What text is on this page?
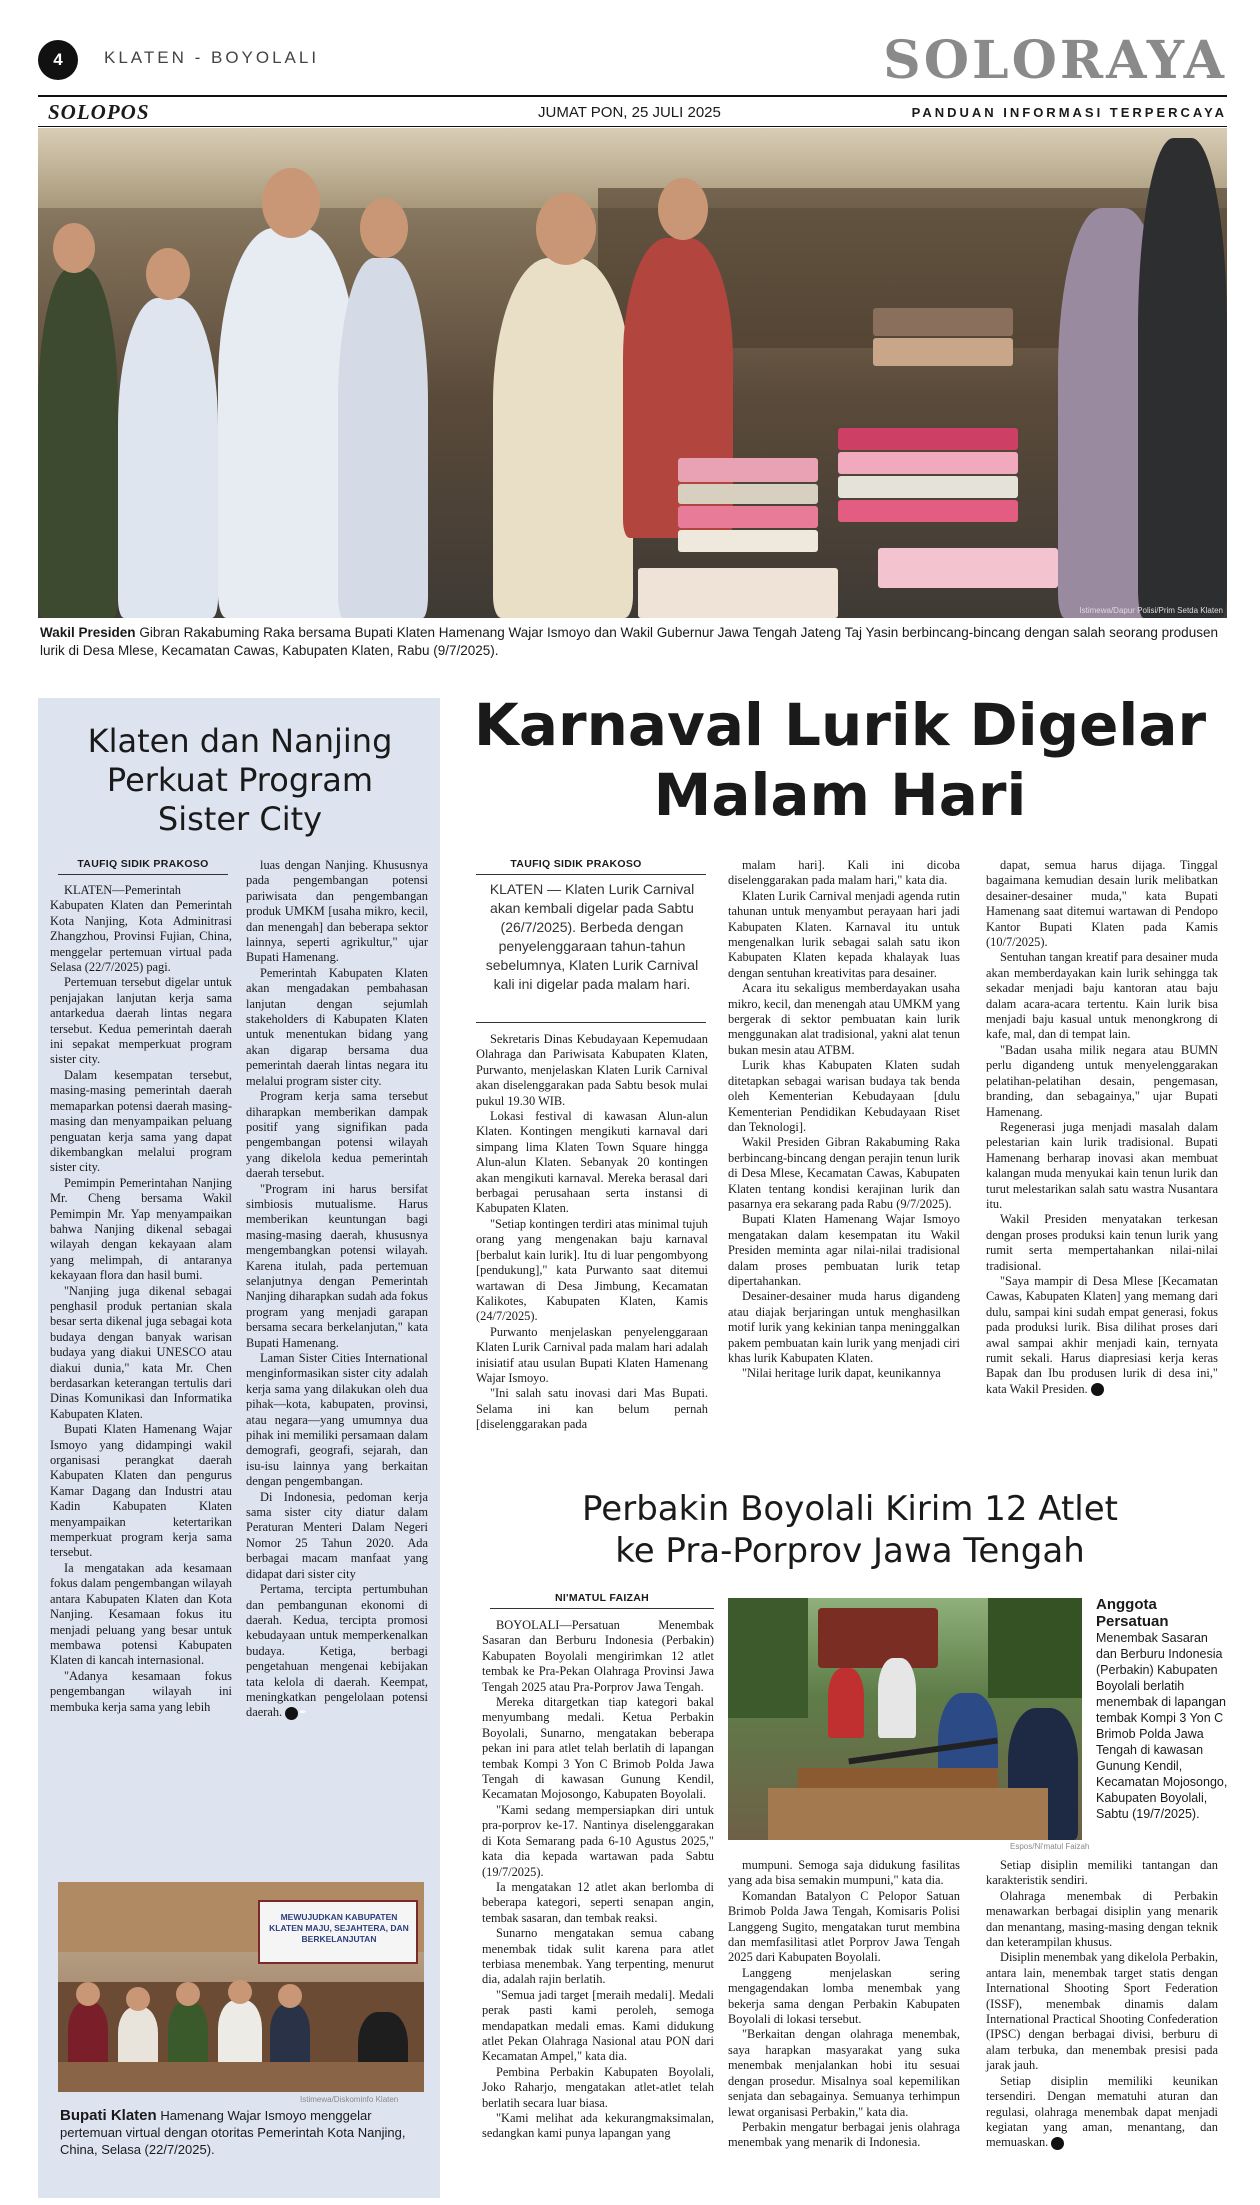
4	KLATEN - BOYOLALI	SOLORAYA
SOLOPOS	JUMAT PON, 25 JULI 2025	PANDUAN INFORMASI TERPERCAYA
Istimewa/Dapur Polisi/Prim Setda Klaten
Wakil Presiden Gibran Rakabuming Raka bersama Bupati Klaten Hamenang Wajar Ismoyo dan Wakil Gubernur Jawa Tengah Jateng Taj Yasin berbincang-bincang dengan salah seorang produsen lurik di Desa Mlese, Kecamatan Cawas, Kabupaten Klaten, Rabu (9/7/2025).
Klaten dan Nanjing Perkuat Program Sister City
TAUFIQ SIDIK PRAKOSO

KLATEN—Pemerintah Kabupaten Klaten dan Pemerintah Kota Nanjing, Kota Adminitrasi Zhangzhou, Provinsi Fujian, China, menggelar pertemuan virtual pada Selasa (22/7/2025) pagi.

Pertemuan tersebut digelar untuk penjajakan lanjutan kerja sama antarkedua daerah lintas negara tersebut. Kedua pemerintah daerah ini sepakat memperkuat program sister city.

Dalam kesempatan tersebut, masing-masing pemerintah daerah memaparkan potensi daerah masing-masing dan menyampaikan peluang penguatan kerja sama yang dapat dikembangkan melalui program sister city.

Pemimpin Pemerintahan Nanjing Mr. Cheng bersama Wakil Pemimpin Mr. Yap menyampaikan bahwa Nanjing dikenal sebagai wilayah dengan kekayaan alam yang melimpah, di antaranya kekayaan flora dan hasil bumi.

"Nanjing juga dikenal sebagai penghasil produk pertanian skala besar serta dikenal juga sebagai kota budaya dengan banyak warisan budaya yang diakui UNESCO atau diakui dunia," kata Mr. Chen berdasarkan keterangan tertulis dari Dinas Komunikasi dan Informatika Kabupaten Klaten.

Bupati Klaten Hamenang Wajar Ismoyo yang didampingi wakil organisasi perangkat daerah Kabupaten Klaten dan pengurus Kamar Dagang dan Industri atau Kadin Kabupaten Klaten menyampaikan ketertarikan memperkuat program kerja sama tersebut.

Ia mengatakan ada kesamaan fokus dalam pengembangan wilayah antara Kabupaten Klaten dan Kota Nanjing. Kesamaan fokus itu menjadi peluang yang besar untuk membawa potensi Kabupaten Klaten di kancah internasional.

"Adanya kesamaan fokus pengembangan wilayah ini membuka kerja sama yang lebih

luas dengan Nanjing. Khususnya pada pengembangan potensi pariwisata dan pengembangan produk UMKM [usaha mikro, kecil, dan menengah] dan beberapa sektor lainnya, seperti agrikultur," ujar Bupati Hamenang.

Pemerintah Kabupaten Klaten akan mengadakan pembahasan lanjutan dengan sejumlah stakeholders di Kabupaten Klaten untuk menentukan bidang yang akan digarap bersama dua pemerintah daerah lintas negara itu melalui program sister city.

Program kerja sama tersebut diharapkan memberikan dampak positif yang signifikan pada pengembangan potensi wilayah yang dikelola kedua pemerintah daerah tersebut.

"Program ini harus bersifat simbiosis mutualisme. Harus memberikan keuntungan bagi masing-masing daerah, khususnya mengembangkan potensi wilayah. Karena itulah, pada pertemuan selanjutnya dengan Pemerintah Nanjing diharapkan sudah ada fokus program yang menjadi garapan bersama secara berkelanjutan," kata Bupati Hamenang.

Laman Sister Cities International menginformasikan sister city adalah kerja sama yang dilakukan oleh dua pihak—kota, kabupaten, provinsi, atau negara—yang umumnya dua pihak ini memiliki persamaan dalam demografi, geografi, sejarah, dan isu-isu lainnya yang berkaitan dengan pengembangan.

Di Indonesia, pedoman kerja sama sister city diatur dalam Peraturan Menteri Dalam Negeri Nomor 25 Tahun 2020. Ada berbagai macam manfaat yang didapat dari sister city

Pertama, tercipta pertumbuhan dan pembangunan ekonomi di daerah. Kedua, tercipta promosi kebudayaan untuk memperkenalkan budaya. Ketiga, berbagi pengetahuan mengenai kebijakan tata kelola di daerah. Keempat, meningkatkan pengelolaan potensi daerah. ✒

MEWUJUDKAN KABUPATEN KLATEN MAJU, SEJAHTERA, DAN BERKELANJUTAN
Istimewa/Diskominfo Klaten
Bupati Klaten Hamenang Wajar Ismoyo menggelar pertemuan virtual dengan otoritas Pemerintah Kota Nanjing, China, Selasa (22/7/2025).
Karnaval Lurik Digelar Malam Hari
TAUFIQ SIDIK PRAKOSO
KLATEN — Klaten Lurik Carnival akan kembali digelar pada Sabtu (26/7/2025). Berbeda dengan penyelenggaraan tahun-tahun sebelumnya, Klaten Lurik Carnival kali ini digelar pada malam hari.

Sekretaris Dinas Kebudayaan Kepemudaan Olahraga dan Pariwisata Kabupaten Klaten, Purwanto, menjelaskan Klaten Lurik Carnival akan diselenggarakan pada Sabtu besok mulai pukul 19.30 WIB.

Lokasi festival di kawasan Alun-alun Klaten. Kontingen mengikuti karnaval dari simpang lima Klaten Town Square hingga Alun-alun Klaten. Sebanyak 20 kontingen akan mengikuti karnaval. Mereka berasal dari berbagai perusahaan serta instansi di Kabupaten Klaten.

"Setiap kontingen terdiri atas minimal tujuh orang yang mengenakan baju karnaval [berbalut kain lurik]. Itu di luar pengombyong [pendukung]," kata Purwanto saat ditemui wartawan di Desa Jimbung, Kecamatan Kalikotes, Kabupaten Klaten, Kamis (24/7/2025).

Purwanto menjelaskan penyelenggaraan Klaten Lurik Carnival pada malam hari adalah inisiatif atau usulan Bupati Klaten Hamenang Wajar Ismoyo.

"Ini salah satu inovasi dari Mas Bupati. Selama ini kan belum pernah [diselenggarakan pada

malam hari]. Kali ini dicoba diselenggarakan pada malam hari," kata dia.

Klaten Lurik Carnival menjadi agenda rutin tahunan untuk menyambut perayaan hari jadi Kabupaten Klaten. Karnaval itu untuk mengenalkan lurik sebagai salah satu ikon Kabupaten Klaten kepada khalayak luas dengan sentuhan kreativitas para desainer.

Acara itu sekaligus memberdayakan usaha mikro, kecil, dan menengah atau UMKM yang bergerak di sektor pembuatan kain lurik menggunakan alat tradisional, yakni alat tenun bukan mesin atau ATBM.

Lurik khas Kabupaten Klaten sudah ditetapkan sebagai warisan budaya tak benda oleh Kementerian Kebudayaan [dulu Kementerian Pendidikan Kebudayaan Riset dan Teknologi].

Wakil Presiden Gibran Rakabuming Raka berbincang-bincang dengan perajin tenun lurik di Desa Mlese, Kecamatan Cawas, Kabupaten Klaten tentang kondisi kerajinan lurik dan pasarnya era sekarang pada Rabu (9/7/2025).

Bupati Klaten Hamenang Wajar Ismoyo mengatakan dalam kesempatan itu Wakil Presiden meminta agar nilai-nilai tradisional dalam proses pembuatan lurik tetap dipertahankan.

Desainer-desainer muda harus digandeng atau diajak berjaringan untuk menghasilkan motif lurik yang kekinian tanpa meninggalkan pakem pembuatan kain lurik yang menjadi ciri khas lurik Kabupaten Klaten.

"Nilai heritage lurik dapat, keunikannya

dapat, semua harus dijaga. Tinggal bagaimana kemudian desain lurik melibatkan desainer-desainer muda," kata Bupati Hamenang saat ditemui wartawan di Pendopo Kantor Bupati Klaten pada Kamis (10/7/2025).

Sentuhan tangan kreatif para desainer muda akan memberdayakan kain lurik sehingga tak sekadar menjadi baju kantoran atau baju dalam acara-acara tertentu. Kain lurik bisa menjadi baju kasual untuk menongkrong di kafe, mal, dan di tempat lain.

"Badan usaha milik negara atau BUMN perlu digandeng untuk menyelenggarakan pelatihan-pelatihan desain, pengemasan, branding, dan sebagainya," ujar Bupati Hamenang.

Regenerasi juga menjadi masalah dalam pelestarian kain lurik tradisional. Bupati Hamenang berharap inovasi akan membuat kalangan muda menyukai kain tenun lurik dan turut melestarikan salah satu wastra Nusantara itu.

Wakil Presiden menyatakan terkesan dengan proses produksi kain tenun lurik yang rumit serta mempertahankan nilai-nilai tradisional.

"Saya mampir di Desa Mlese [Kecamatan Cawas, Kabupaten Klaten] yang memang dari dulu, sampai kini sudah empat generasi, fokus pada produksi lurik. Bisa dilihat proses dari awal sampai akhir menjadi kain, ternyata rumit sekali. Harus diapresiasi kerja keras Bapak dan Ibu produsen lurik di desa ini," kata Wakil Presiden. ✒

Perbakin Boyolali Kirim 12 Atlet ke Pra-Porprov Jawa Tengah
NI'MATUL FAIZAH

BOYOLALI—Persatuan Menembak Sasaran dan Berburu Indonesia (Perbakin) Kabupaten Boyolali mengirimkan 12 atlet tembak ke Pra-Pekan Olahraga Provinsi Jawa Tengah 2025 atau Pra-Porprov Jawa Tengah.

Mereka ditargetkan tiap kategori bakal menyumbang medali. Ketua Perbakin Boyolali, Sunarno, mengatakan beberapa pekan ini para atlet telah berlatih di lapangan tembak Kompi 3 Yon C Brimob Polda Jawa Tengah di kawasan Gunung Kendil, Kecamatan Mojosongo, Kabupaten Boyolali.

"Kami sedang mempersiapkan diri untuk pra-porprov ke-17. Nantinya diselenggarakan di Kota Semarang pada 6-10 Agustus 2025," kata dia kepada wartawan pada Sabtu (19/7/2025).

Ia mengatakan 12 atlet akan berlomba di beberapa kategori, seperti senapan angin, tembak sasaran, dan tembak reaksi.

Sunarno mengatakan semua cabang menembak tidak sulit karena para atlet terbiasa menembak. Yang terpenting, menurut dia, adalah rajin berlatih.

"Semua jadi target [meraih medali]. Medali perak pasti kami peroleh, semoga mendapatkan medali emas. Kami didukung atlet Pekan Olahraga Nasional atau PON dari Kecamatan Ampel," kata dia.

Pembina Perbakin Kabupaten Boyolali, Joko Raharjo, mengatakan atlet-atlet telah berlatih secara luar biasa.

"Kami melihat ada kekurangmaksimalan, sedangkan kami punya lapangan yang

Espos/Ni'matul Faizah
Anggota Persatuan
Menembak Sasaran dan Berburu Indonesia (Perbakin) Kabupaten Boyolali berlatih menembak di lapangan tembak Kompi 3 Yon C Brimob Polda Jawa Tengah di kawasan Gunung Kendil, Kecamatan Mojosongo, Kabupaten Boyolali, Sabtu (19/7/2025).

mumpuni. Semoga saja didukung fasilitas yang ada bisa semakin mumpuni," kata dia.

Komandan Batalyon C Pelopor Satuan Brimob Polda Jawa Tengah, Komisaris Polisi Langgeng Sugito, mengatakan turut membina dan memfasilitasi atlet Porprov Jawa Tengah 2025 dari Kabupaten Boyolali.

Langgeng menjelaskan sering mengagendakan lomba menembak yang bekerja sama dengan Perbakin Kabupaten Boyolali di lokasi tersebut.

"Berkaitan dengan olahraga menembak, saya harapkan masyarakat yang suka menembak menjalankan hobi itu sesuai dengan prosedur. Misalnya soal kepemilikan senjata dan sebagainya. Semuanya terhimpun lewat organisasi Perbakin," kata dia.

Perbakin mengatur berbagai jenis olahraga menembak yang menarik di Indonesia.

Setiap disiplin memiliki tantangan dan karakteristik sendiri.

Olahraga menembak di Perbakin menawarkan berbagai disiplin yang menarik dan menantang, masing-masing dengan teknik dan keterampilan khusus.

Disiplin menembak yang dikelola Perbakin, antara lain, menembak target statis dengan International Shooting Sport Federation (ISSF), menembak dinamis dalam International Practical Shooting Confederation (IPSC) dengan berbagai divisi, berburu di alam terbuka, dan menembak presisi pada jarak jauh.

Setiap disiplin memiliki keunikan tersendiri. Dengan mematuhi aturan dan regulasi, olahraga menembak dapat menjadi kegiatan yang aman, menantang, dan memuaskan. ✒
